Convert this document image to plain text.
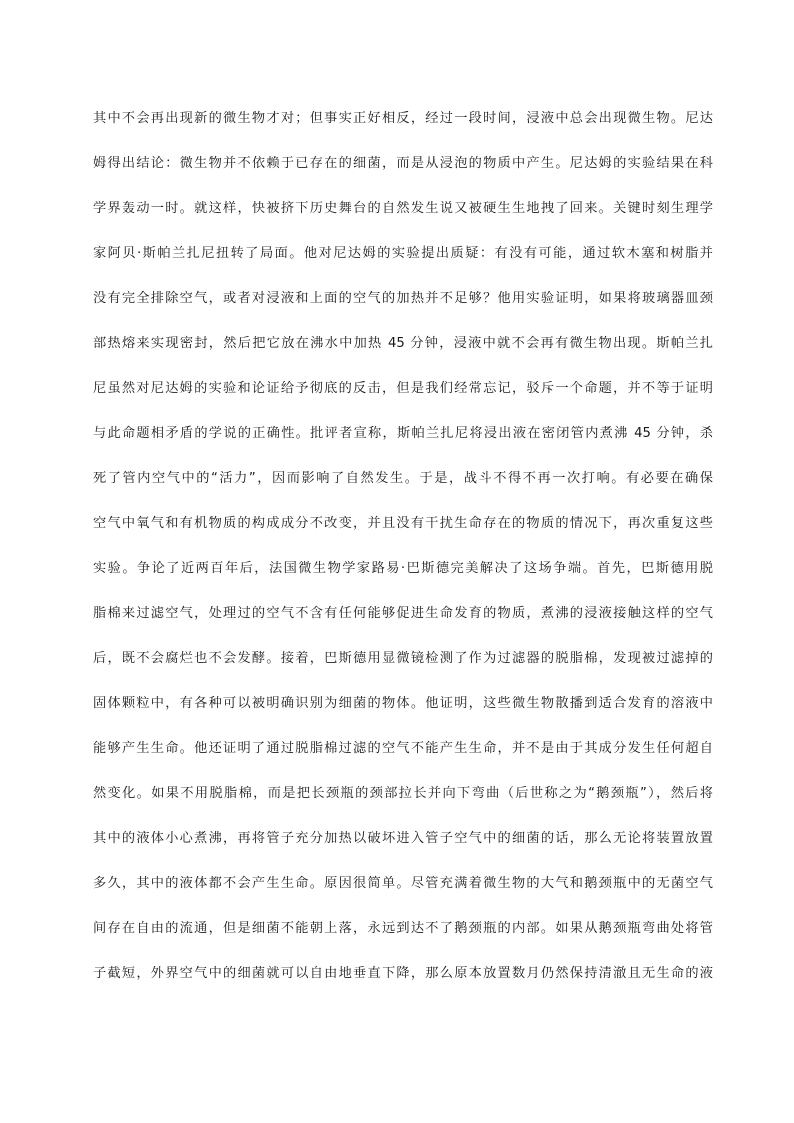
其中不会再出现新的微生物才对；但事实正好相反，经过一段时间，浸液中总会出现微生物。尼达

姆得出结论：微生物并不依赖于已存在的细菌，而是从浸泡的物质中产生。尼达姆的实验结果在科

学界轰动一时。就这样，快被挤下历史舞台的自然发生说又被硬生生地拽了回来。关键时刻生理学

家阿贝·斯帕兰扎尼扭转了局面。他对尼达姆的实验提出质疑：有没有可能，通过软木塞和树脂并

没有完全排除空气，或者对浸液和上面的空气的加热并不足够？他用实验证明，如果将玻璃器皿颈

部热熔来实现密封，然后把它放在沸水中加热 45 分钟，浸液中就不会再有微生物出现。斯帕兰扎

尼虽然对尼达姆的实验和论证给予彻底的反击，但是我们经常忘记，驳斥一个命题，并不等于证明

与此命题相矛盾的学说的正确性。批评者宣称，斯帕兰扎尼将浸出液在密闭管内煮沸 45 分钟，杀

死了管内空气中的“活力”，因而影响了自然发生。于是，战斗不得不再一次打响。有必要在确保

空气中氧气和有机物质的构成成分不改变，并且没有干扰生命存在的物质的情况下，再次重复这些

实验。争论了近两百年后，法国微生物学家路易·巴斯德完美解决了这场争端。首先，巴斯德用脱

脂棉来过滤空气，处理过的空气不含有任何能够促进生命发育的物质，煮沸的浸液接触这样的空气

后，既不会腐烂也不会发酵。接着，巴斯德用显微镜检测了作为过滤器的脱脂棉，发现被过滤掉的

固体颗粒中，有各种可以被明确识别为细菌的物体。他证明，这些微生物散播到适合发育的溶液中

能够产生生命。他还证明了通过脱脂棉过滤的空气不能产生生命，并不是由于其成分发生任何超自

然变化。如果不用脱脂棉，而是把长颈瓶的颈部拉长并向下弯曲（后世称之为“鹅颈瓶”），然后将

其中的液体小心煮沸，再将管子充分加热以破坏进入管子空气中的细菌的话，那么无论将装置放置

多久，其中的液体都不会产生生命。原因很简单。尽管充满着微生物的大气和鹅颈瓶中的无菌空气

间存在自由的流通，但是细菌不能朝上落，永远到达不了鹅颈瓶的内部。如果从鹅颈瓶弯曲处将管

子截短，外界空气中的细菌就可以自由地垂直下降，那么原本放置数月仍然保持清澈且无生命的液
